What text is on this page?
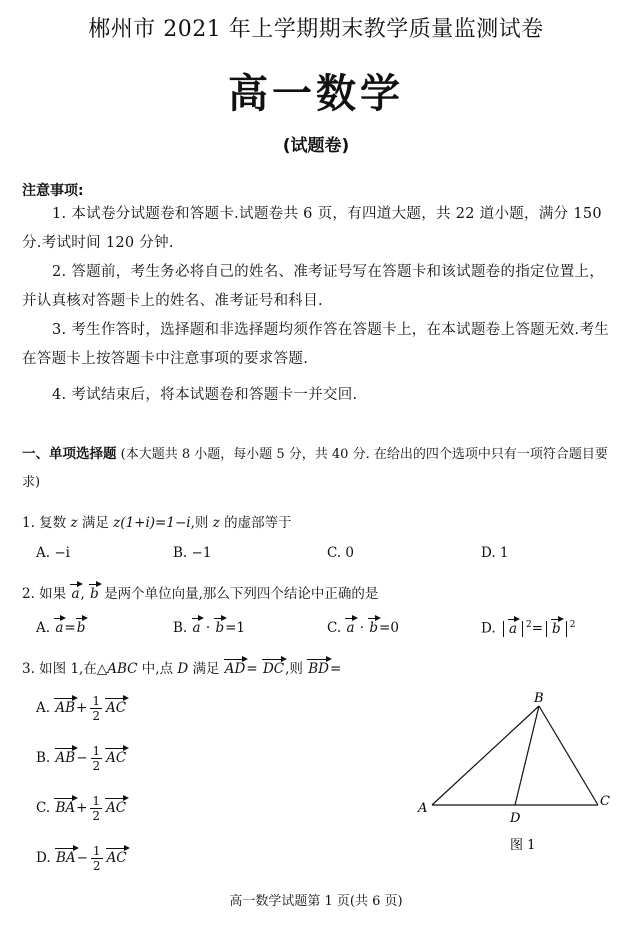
郴州市 2021 年上学期期末教学质量监测试卷
高一数学
(试题卷)
注意事项:
1. 本试卷分试题卷和答题卡.试题卷共 6 页，有四道大题，共 22 道小题，满分 150 分.考试时间 120 分钟.
2. 答题前，考生务必将自己的姓名、准考证号写在答题卡和该试题卷的指定位置上，并认真核对答题卡上的姓名、准考证号和科目.
3. 考生作答时，选择题和非选择题均须作答在答题卡上，在本试题卷上答题无效.考生在答题卡上按答题卡中注意事项的要求答题.
4. 考试结束后，将本试题卷和答题卡一并交回.
一、单项选择题 (本大题共 8 小题，每小题 5 分，共 40 分. 在给出的四个选项中只有一项符合题目要求)
1. 复数 z 满足 z(1+i)=1−i,则 z 的虚部等于
A. −i	B. −1	C. 0	D. 1
2. 如果 a, b 是两个单位向量,那么下列四个结论中正确的是
A. a=b	B. a · b=1	C. a · b=0	D. a $^2$= b $^2$
3. 如图 1,在△ABC 中,点 D 满足 AD= DC,则 BD=
A. $AB+ \frac{1}{2}$ AC
B. $AB- \frac{1}{2}$ AC
C. $BA+ \frac{1}{2}$ AC
D. $BA- \frac{1}{2}$ AC
A
B
C
D
图 1
高一数学试题第 1 页(共 6 页)
